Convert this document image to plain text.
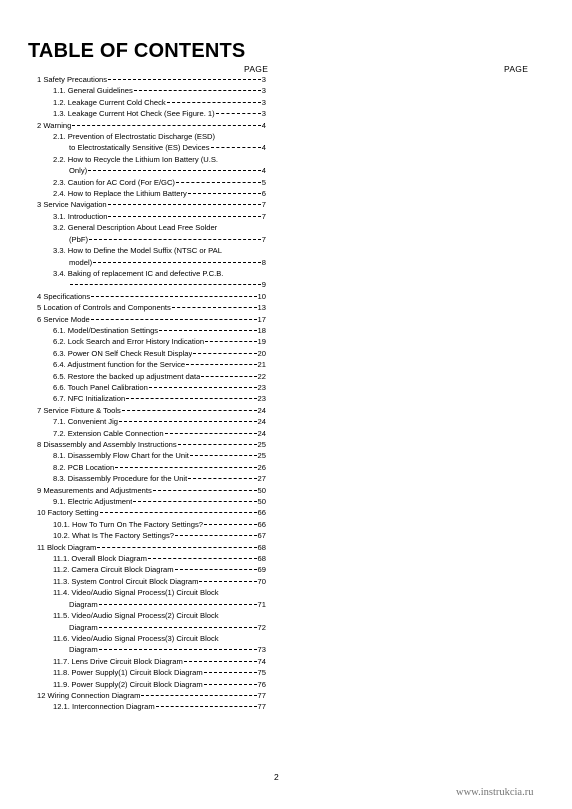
TABLE OF CONTENTS
PAGE	PAGE
1 Safety Precautions	3
1.1. General Guidelines	3
1.2. Leakage Current Cold Check	3
1.3. Leakage Current Hot Check (See Figure. 1)	3
2 Warning	4
2.1. Prevention of Electrostatic Discharge (ESD)
to Electrostatically Sensitive (ES) Devices	4
2.2. How to Recycle the Lithium Ion Battery (U.S.
Only)	4
2.3. Caution for AC Cord (For E/GC)	5
2.4. How to Replace the Lithium Battery	6
3 Service Navigation	7
3.1. Introduction	7
3.2. General Description About Lead Free Solder
(PbF)	7
3.3. How to Define the Model Suffix (NTSC or PAL
model)	8
3.4. Baking of replacement IC and defective P.C.B.
9
4 Specifications	10
5 Location of Controls and Components	13
6 Service Mode	17
6.1. Model/Destination Settings	18
6.2. Lock Search and Error History Indication	19
6.3. Power ON Self Check Result Display	20
6.4. Adjustment function for the Service	21
6.5. Restore the backed up adjustment data	22
6.6. Touch Panel Calibration	23
6.7. NFC Initialization	23
7 Service Fixture & Tools	24
7.1. Convenient Jig	24
7.2. Extension Cable Connection	24
8 Disassembly and Assembly Instructions	25
8.1. Disassembly Flow Chart for the Unit	25
8.2. PCB Location	26
8.3. Disassembly Procedure for the Unit	27
9 Measurements and Adjustments	50
9.1. Electric Adjustment	50
10 Factory Setting	66
10.1. How To Turn On The Factory Settings?	66
10.2. What Is The Factory Settings?	67
11 Block Diagram	68
11.1. Overall Block Diagram	68
11.2. Camera Circuit Block Diagram	69
11.3. System Control Circuit Block Diagram	70
11.4. Video/Audio Signal Process(1) Circuit Block
Diagram	71
11.5. Video/Audio Signal Process(2) Circuit Block
Diagram	72
11.6. Video/Audio Signal Process(3) Circuit Block
Diagram	73
11.7. Lens Drive Circuit Block Diagram	74
11.8. Power Supply(1) Circuit Block Diagram	75
11.9. Power Supply(2) Circuit Block Diagram	76
12 Wiring Connection Diagram	77
12.1. Interconnection Diagram	77
2
www.instrukcia.ru
